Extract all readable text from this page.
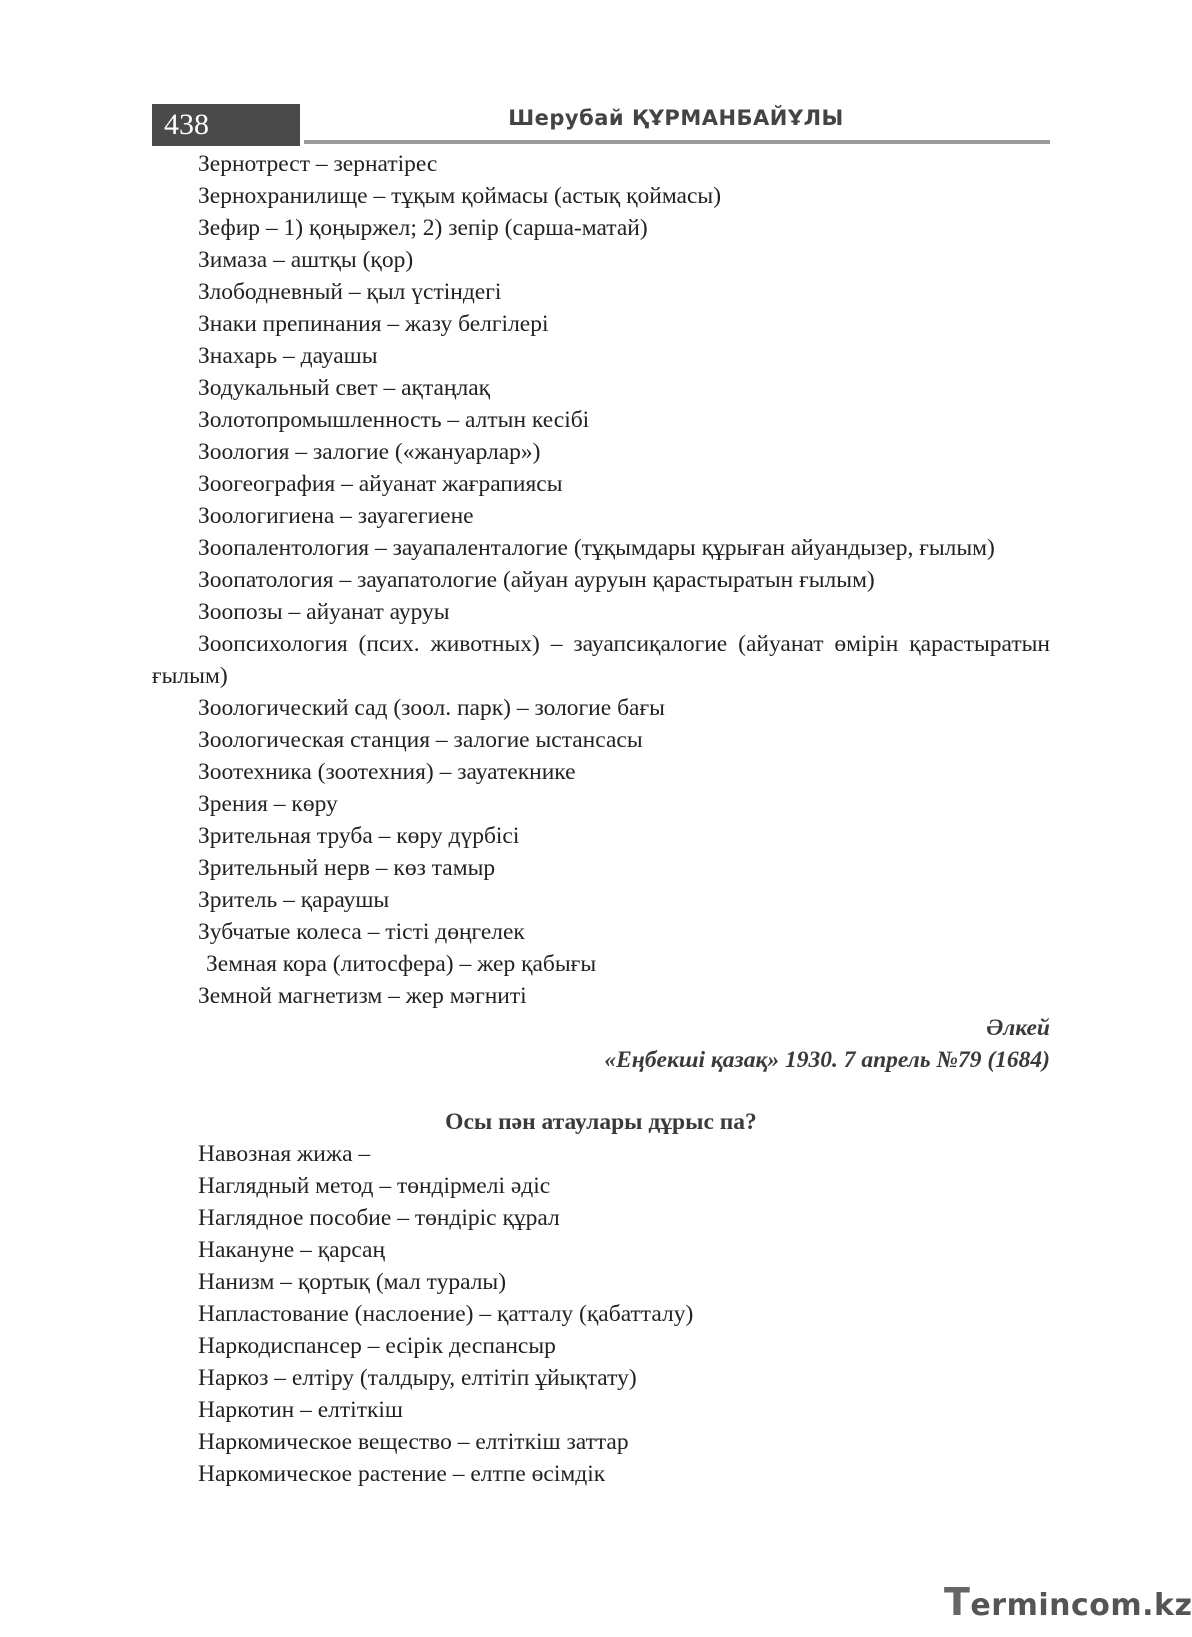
438	Шерубай ҚҰРМАНБАЙҰЛЫ
Зернотрест – зернатірес
Зернохранилище – тұқым қоймасы (астық қоймасы)
Зефир – 1) қоңыржел; 2) зепір (сарша-матай)
Зимаза – аштқы (қор)
Злободневный – қыл үстіндегі
Знаки препинания – жазу белгілері
Знахарь – дауашы
Зодукальный свет – ақтаңлақ
Золотопромышленность – алтын кесібі
Зоология – залогие («жануарлар»)
Зоогеография – айуанат жағрапиясы
Зоологигиена – зауагегиене
Зоопалентология – зауапаленталогие (тұқымдары құрыған айуандызер, ғылым)
Зоопатология – зауапатологие (айуан ауруын қарастыратын ғылым)
Зоопозы – айуанат ауруы
Зоопсихология (псих. животных) – зауапсиқалогие (айуанат өмірін қарастыратын ғылым)
Зоологический сад (зоол. парк) – зологие бағы
Зоологическая станция – залогие ыстансасы
Зоотехника (зоотехния) – зауатекнике
Зрения – көру
Зрительная труба – көру дүрбісі
Зрительный нерв – көз тамыр
Зритель – қараушы
Зубчатые колеса – тісті дөңгелек
Земная кора (литосфера) – жер қабығы
Земной магнетизм – жер мәгниті
Әлкей
«Еңбекші қазақ» 1930. 7 апрель №79 (1684)
Осы пән атаулары дұрыс па?
Навозная жижа –
Наглядный метод – төндірмелі әдіс
Наглядное пособие – төндіріс құрал
Накануне – қарсаң
Нанизм – қортық (мал туралы)
Напластование (наслоение) – қатталу (қабатталу)
Наркодиспансер – есірік деспансыр
Наркоз – елтіру (талдыру, елтітіп ұйықтату)
Наркотин – елтіткіш
Наркомическое вещество – елтіткіш заттар
Наркомическое растение – елтпе өсімдік
Termincom.kz
